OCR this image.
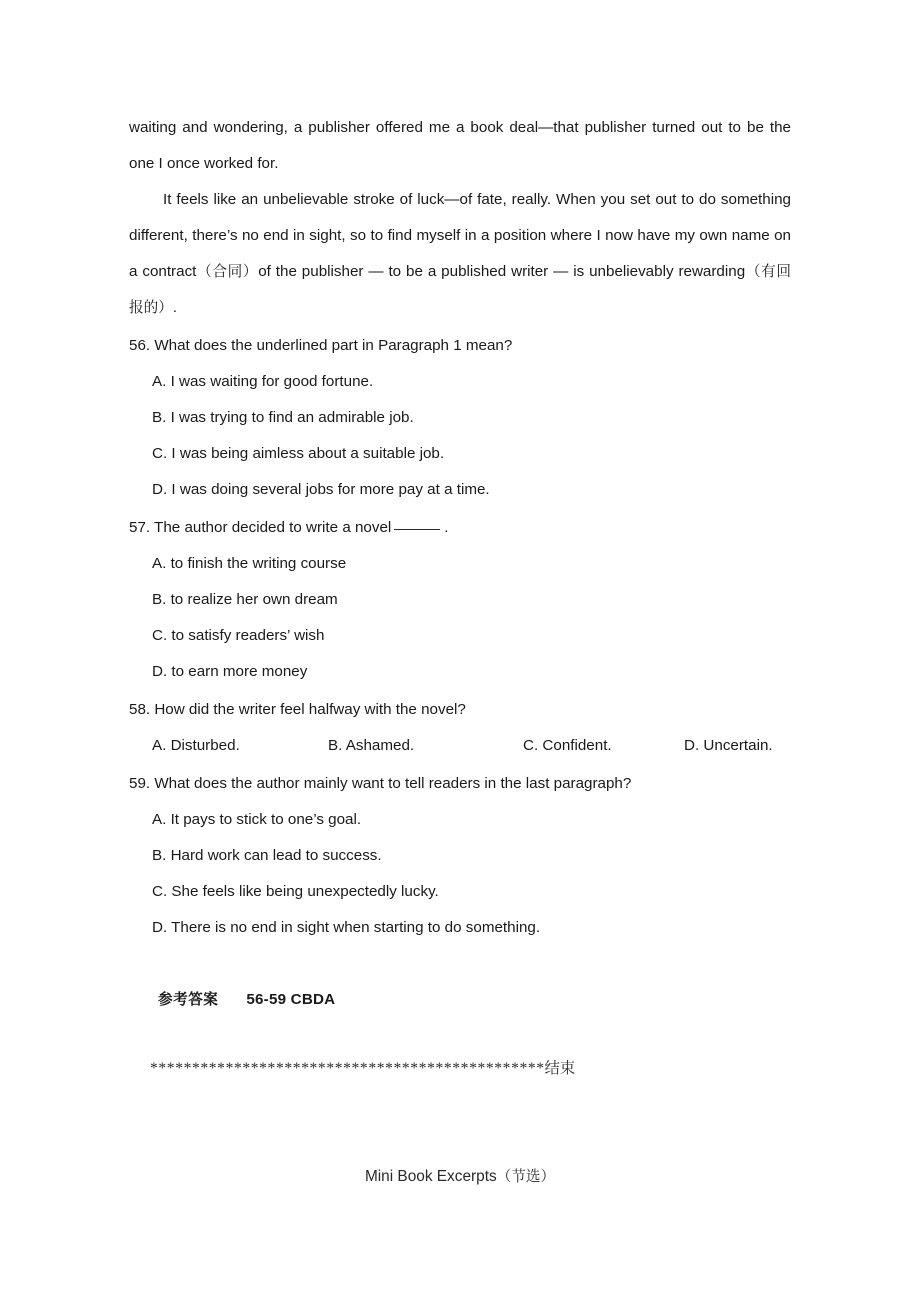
waiting and wondering, a publisher offered me a book deal—that publisher turned out to be the one I once worked for.

It feels like an unbelievable stroke of luck—of fate, really. When you set out to do something different, there’s no end in sight, so to find myself in a position where I now have my own name on a contract（合同）of the publisher — to be a published writer — is unbelievably rewarding（有回报的）.

56. What does the underlined part in Paragraph 1 mean?

A. I was waiting for good fortune.

B. I was trying to find an admirable job.

C. I was being aimless about a suitable job.

D. I was doing several jobs for more pay at a time.

57. The author decided to write a novel	.

A. to finish the writing course

B. to realize her own dream

C. to satisfy readers’ wish

D. to earn more money

58. How did the writer feel halfway with the novel?

A. Disturbed.	B. Ashamed.	C. Confident.	D. Uncertain.

59. What does the author mainly want to tell readers in the last paragraph?

A. It pays to stick to one’s goal.

B. Hard work can lead to success.

C. She feels like being unexpectedly lucky.

D. There is no end in sight when starting to do something.

参考答案 56-59 CBDA
***********************************************结束
Mini Book Excerpts（节选）
